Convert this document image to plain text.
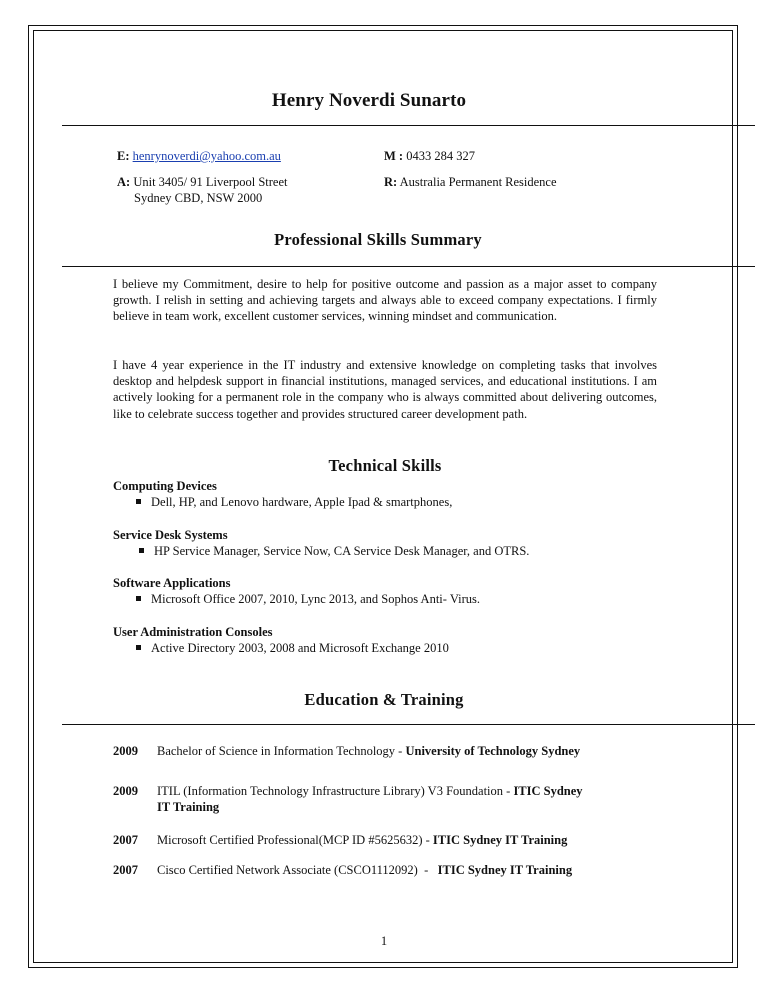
Henry Noverdi Sunarto
E: henrynoverdi@yahoo.com.au	M : 0433 284 327
A: Unit 3405/ 91 Liverpool Street
Sydney CBD, NSW 2000
R: Australia Permanent Residence
Professional Skills Summary
I believe my Commitment, desire to help for positive outcome and passion as a major asset to company growth. I relish in setting and achieving targets and always able to exceed company expectations. I firmly believe in team work, excellent customer services, winning mindset and communication.
I have 4 year experience in the IT industry and extensive knowledge on completing tasks that involves desktop and helpdesk support in financial institutions, managed services, and educational institutions. I am actively looking for a permanent role in the company who is always committed about delivering outcomes, like to celebrate success together and provides structured career development path.
Technical Skills
Computing Devices
Dell, HP, and Lenovo hardware, Apple Ipad & smartphones,
Service Desk Systems
HP Service Manager, Service Now, CA Service Desk Manager, and OTRS.
Software Applications
Microsoft Office 2007, 2010, Lync 2013, and Sophos Anti- Virus.
User Administration Consoles
Active Directory 2003, 2008 and Microsoft Exchange 2010
Education & Training
2009 Bachelor of Science in Information Technology - University of Technology Sydney
2009 ITIL (Information Technology Infrastructure Library) V3 Foundation - ITIC Sydney
IT Training
2007 Microsoft Certified Professional(MCP ID #5625632) - ITIC Sydney IT Training
2007 Cisco Certified Network Associate (CSCO1112092)  -   ITIC Sydney IT Training
1
